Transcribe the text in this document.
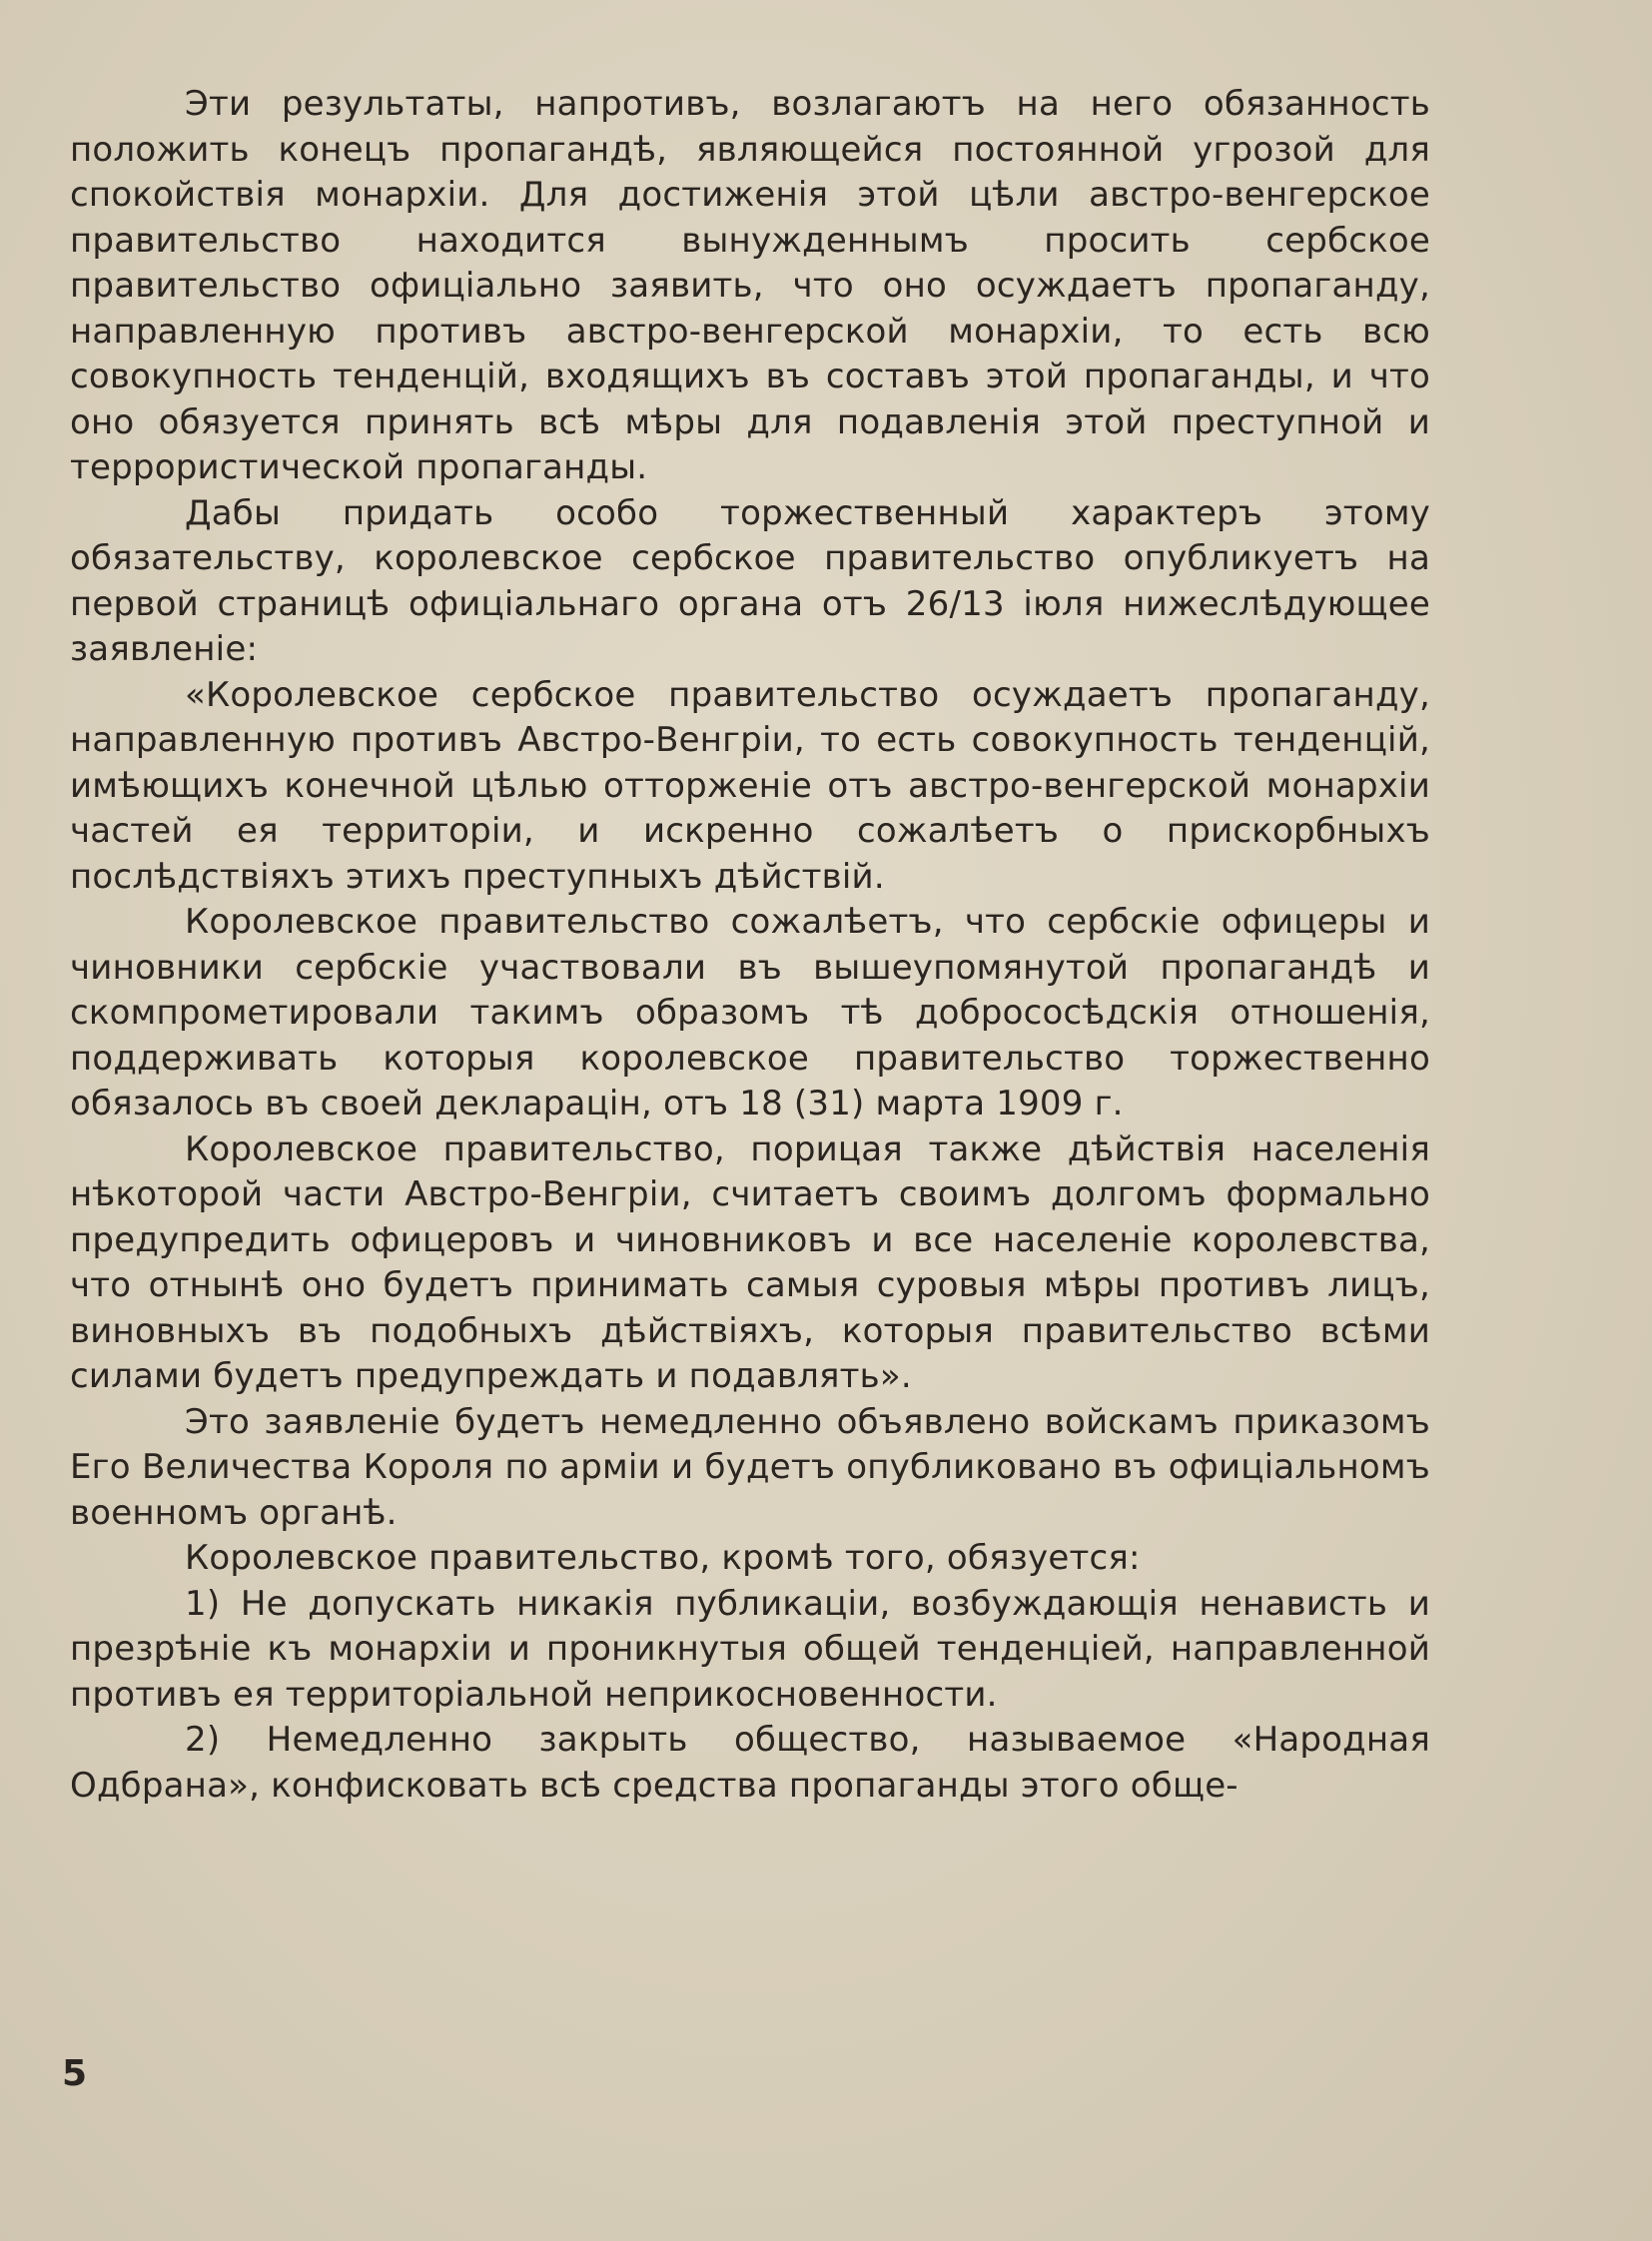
Эти результаты, напротивъ, возлагаютъ на него обязанность положить конецъ пропагандѣ, являющейся постоянной угрозой для спокойствія монархіи. Для достиженія этой цѣли австро-венгерское правительство находится вынужденнымъ просить сербское правительство офиціально заявить, что оно осуждаетъ пропаганду, направленную противъ австро-венгерской монархіи, то есть всю совокупность тенденцій, входящихъ въ составъ этой пропаганды, и что оно обязуется принять всѣ мѣры для подавленія этой преступной и террористической пропаганды.

Дабы придать особо торжественный характеръ этому обязательству, королевское сербское правительство опубликуетъ на первой страницѣ офиціальнаго органа отъ 26/13 іюля нижеслѣдующее заявленіе:

«Королевское сербское правительство осуждаетъ пропаганду, направленную противъ Австро-Венгріи, то есть совокупность тенденцій, имѣющихъ конечной цѣлью отторженіе отъ австро-венгерской монархіи частей ея территоріи, и искренно сожалѣетъ о прискорбныхъ послѣдствіяхъ этихъ преступныхъ дѣйствій.

Королевское правительство сожалѣетъ, что сербскіе офицеры и чиновники сербскіе участвовали въ вышеупомянутой пропагандѣ и скомпрометировали такимъ образомъ тѣ добрососѣдскія отношенія, поддерживать которыя королевское правительство торжественно обязалось въ своей декларацін, отъ 18 (31) марта 1909 г.

Королевское правительство, порицая также дѣйствія населенія нѣкоторой части Австро-Венгріи, считаетъ своимъ долгомъ формально предупредить офицеровъ и чиновниковъ и все населеніе королевства, что отнынѣ оно будетъ принимать самыя суровыя мѣры противъ лицъ, виновныхъ въ подобныхъ дѣйствіяхъ, которыя правительство всѣми силами будетъ предупреждать и подавлять».

Это заявленіе будетъ немедленно объявлено войскамъ приказомъ Его Величества Короля по арміи и будетъ опубликовано въ офиціальномъ военномъ органѣ.

Королевское правительство, кромѣ того, обязуется:

1) Не допускать никакія публикаціи, возбуждающія ненависть и презрѣніе къ монархіи и проникнутыя общей тенденціей, направленной противъ ея территоріальной неприкосновенности.

2) Немедленно закрыть общество, называемое «Народная Одбрана», конфисковать всѣ средства пропаганды этого обще-

5
